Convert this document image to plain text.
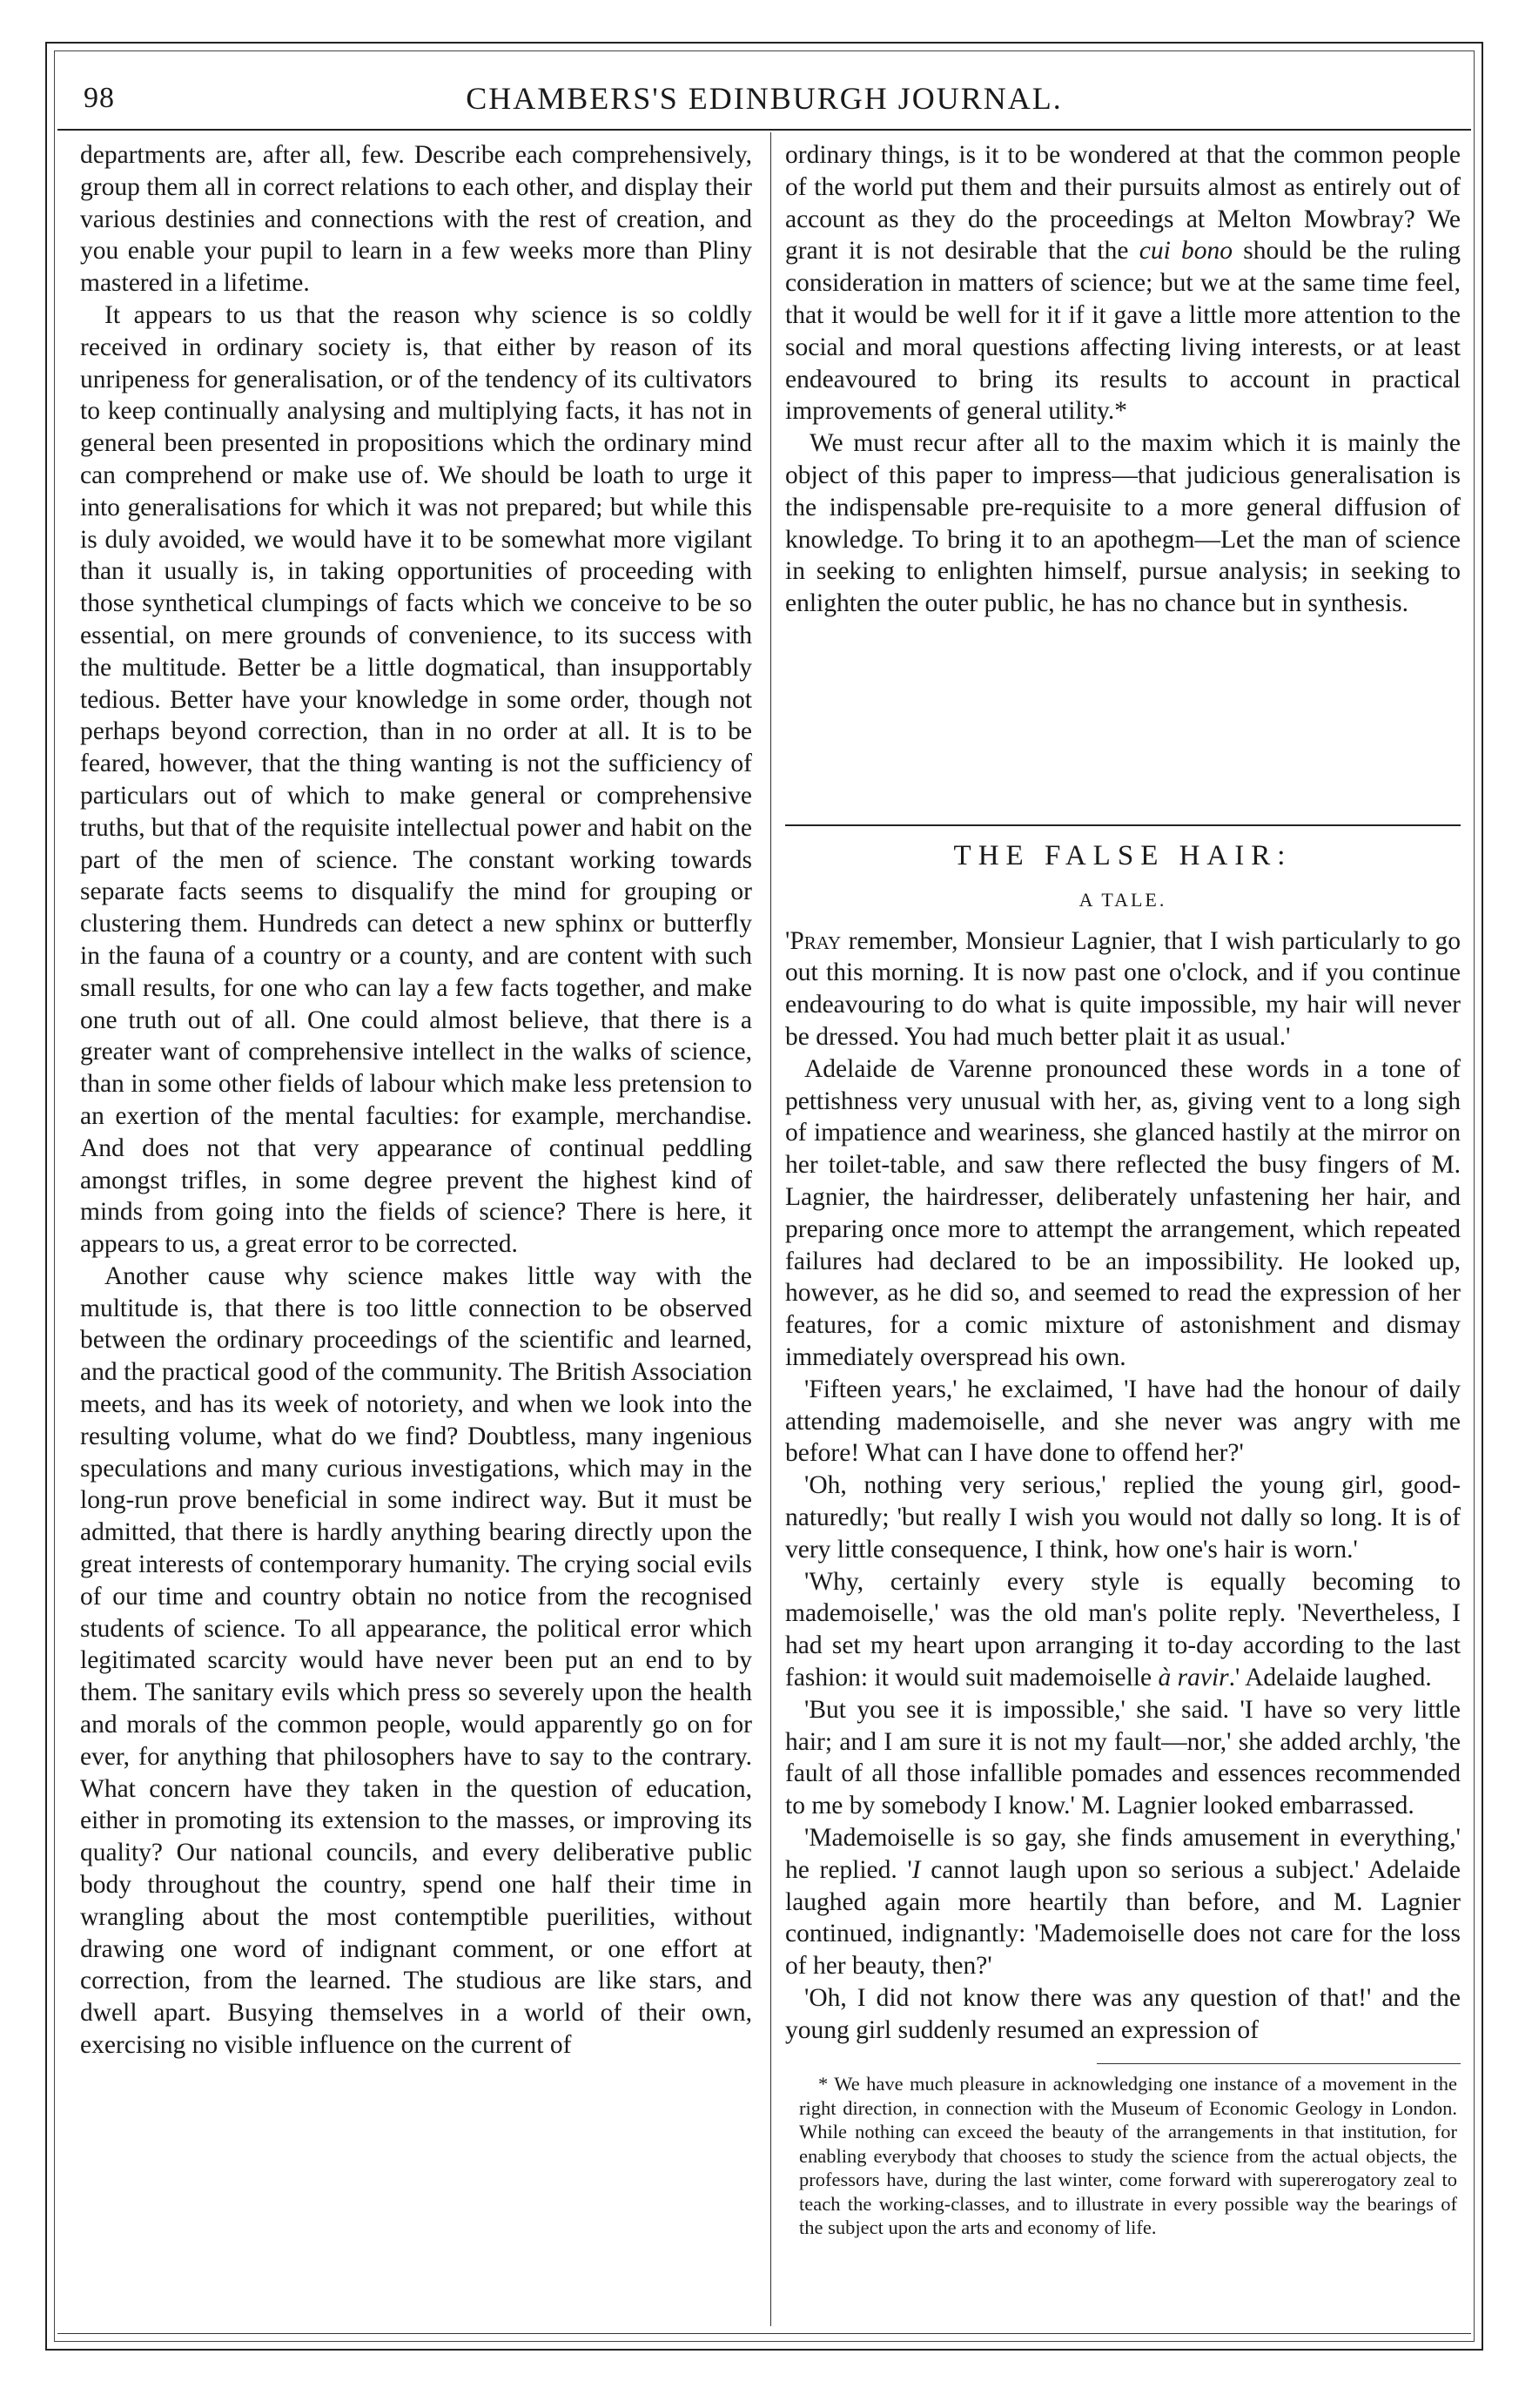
98	CHAMBERS'S EDINBURGH JOURNAL.

departments are, after all, few. Describe each comprehensively, group them all in correct relations to each other, and display their various destinies and connections with the rest of creation, and you enable your pupil to learn in a few weeks more than Pliny mastered in a lifetime.

It appears to us that the reason why science is so coldly received in ordinary society is, that either by reason of its unripeness for generalisation, or of the tendency of its cultivators to keep continually analysing and multiplying facts, it has not in general been presented in propositions which the ordinary mind can comprehend or make use of. We should be loath to urge it into generalisations for which it was not prepared; but while this is duly avoided, we would have it to be somewhat more vigilant than it usually is, in taking opportunities of proceeding with those synthetical clumpings of facts which we conceive to be so essential, on mere grounds of convenience, to its success with the multitude. Better be a little dogmatical, than insupportably tedious. Better have your knowledge in some order, though not perhaps beyond correction, than in no order at all. It is to be feared, however, that the thing wanting is not the sufficiency of particulars out of which to make general or comprehensive truths, but that of the requisite intellectual power and habit on the part of the men of science. The constant working towards separate facts seems to disqualify the mind for grouping or clustering them. Hundreds can detect a new sphinx or butterfly in the fauna of a country or a county, and are content with such small results, for one who can lay a few facts together, and make one truth out of all. One could almost believe, that there is a greater want of comprehensive intellect in the walks of science, than in some other fields of labour which make less pretension to an exertion of the mental faculties: for example, merchandise. And does not that very appearance of continual peddling amongst trifles, in some degree prevent the highest kind of minds from going into the fields of science? There is here, it appears to us, a great error to be corrected.

Another cause why science makes little way with the multitude is, that there is too little connection to be observed between the ordinary proceedings of the scientific and learned, and the practical good of the community. The British Association meets, and has its week of notoriety, and when we look into the resulting volume, what do we find? Doubtless, many ingenious speculations and many curious investigations, which may in the long-run prove beneficial in some indirect way. But it must be admitted, that there is hardly anything bearing directly upon the great interests of contemporary humanity. The crying social evils of our time and country obtain no notice from the recognised students of science. To all appearance, the political error which legitimated scarcity would have never been put an end to by them. The sanitary evils which press so severely upon the health and morals of the common people, would apparently go on for ever, for anything that philosophers have to say to the contrary. What concern have they taken in the question of education, either in promoting its extension to the masses, or improving its quality? Our national councils, and every deliberative public body throughout the country, spend one half their time in wrangling about the most contemptible puerilities, without drawing one word of indignant comment, or one effort at correction, from the learned. The studious are like stars, and dwell apart. Busying themselves in a world of their own, exercising no visible influence on the current of

ordinary things, is it to be wondered at that the common people of the world put them and their pursuits almost as entirely out of account as they do the proceedings at Melton Mowbray? We grant it is not desirable that the cui bono should be the ruling consideration in matters of science; but we at the same time feel, that it would be well for it if it gave a little more attention to the social and moral questions affecting living interests, or at least endeavoured to bring its results to account in practical improvements of general utility.*

We must recur after all to the maxim which it is mainly the object of this paper to impress—that judicious generalisation is the indispensable pre-requisite to a more general diffusion of knowledge. To bring it to an apothegm—Let the man of science in seeking to enlighten himself, pursue analysis; in seeking to enlighten the outer public, he has no chance but in synthesis.

THE FALSE HAIR:
A TALE.

'Pray remember, Monsieur Lagnier, that I wish particularly to go out this morning. It is now past one o'clock, and if you continue endeavouring to do what is quite impossible, my hair will never be dressed. You had much better plait it as usual.'

Adelaide de Varenne pronounced these words in a tone of pettishness very unusual with her, as, giving vent to a long sigh of impatience and weariness, she glanced hastily at the mirror on her toilet-table, and saw there reflected the busy fingers of M. Lagnier, the hairdresser, deliberately unfastening her hair, and preparing once more to attempt the arrangement, which repeated failures had declared to be an impossibility. He looked up, however, as he did so, and seemed to read the expression of her features, for a comic mixture of astonishment and dismay immediately overspread his own.

'Fifteen years,' he exclaimed, 'I have had the honour of daily attending mademoiselle, and she never was angry with me before! What can I have done to offend her?'

'Oh, nothing very serious,' replied the young girl, good-naturedly; 'but really I wish you would not dally so long. It is of very little consequence, I think, how one's hair is worn.'

'Why, certainly every style is equally becoming to mademoiselle,' was the old man's polite reply. 'Nevertheless, I had set my heart upon arranging it to-day according to the last fashion: it would suit mademoiselle à ravir.' Adelaide laughed.

'But you see it is impossible,' she said. 'I have so very little hair; and I am sure it is not my fault—nor,' she added archly, 'the fault of all those infallible pomades and essences recommended to me by somebody I know.' M. Lagnier looked embarrassed.

'Mademoiselle is so gay, she finds amusement in everything,' he replied. 'I cannot laugh upon so serious a subject.' Adelaide laughed again more heartily than before, and M. Lagnier continued, indignantly: 'Mademoiselle does not care for the loss of her beauty, then?'

'Oh, I did not know there was any question of that!' and the young girl suddenly resumed an expression of

* We have much pleasure in acknowledging one instance of a movement in the right direction, in connection with the Museum of Economic Geology in London. While nothing can exceed the beauty of the arrangements in that institution, for enabling everybody that chooses to study the science from the actual objects, the professors have, during the last winter, come forward with supererogatory zeal to teach the working-classes, and to illustrate in every possible way the bearings of the subject upon the arts and economy of life.
